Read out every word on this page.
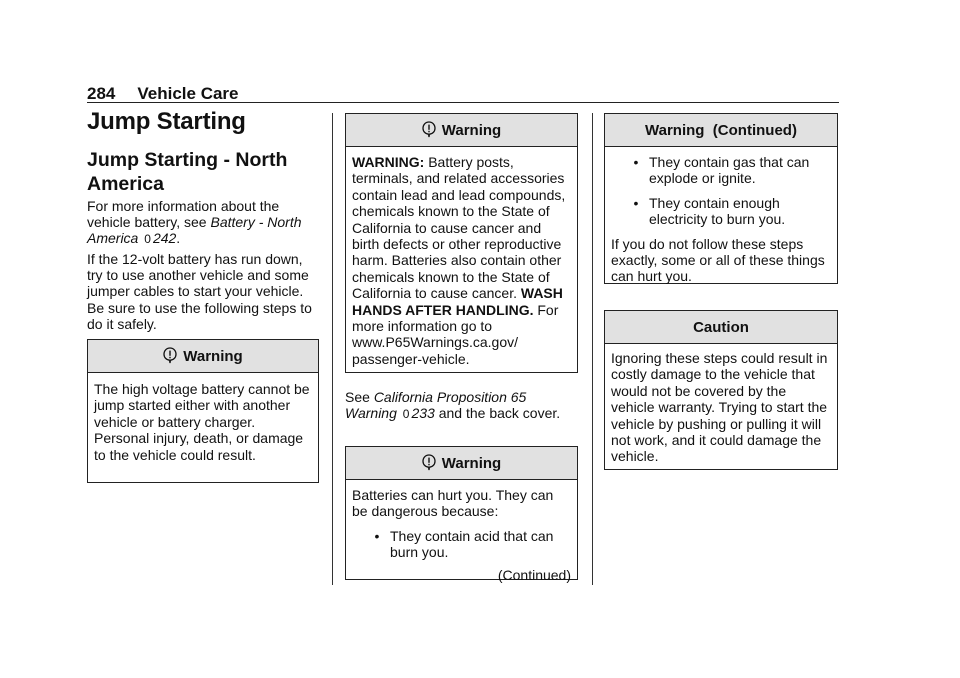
284 Vehicle Care
Jump Starting
Jump Starting - North America

For more information about the vehicle battery, see Battery - North America 0 242.

If the 12-volt battery has run down, try to use another vehicle and some jumper cables to start your vehicle. Be sure to use the following steps to do it safely.

Warning
The high voltage battery cannot be jump started either with another vehicle or battery charger. Personal injury, death, or damage to the vehicle could result.
Warning
WARNING: Battery posts, terminals, and related accessories contain lead and lead compounds, chemicals known to the State of California to cause cancer and birth defects or other reproductive harm. Batteries also contain other chemicals known to the State of California to cause cancer. WASH HANDS AFTER HANDLING. For more information go to www.P65Warnings.ca.gov/ passenger-vehicle.

See California Proposition 65 Warning 0 233 and the back cover.

Warning
Batteries can hurt you. They can be dangerous because:
• They contain acid that can burn you.
(Continued)
Warning  (Continued)
• They contain gas that can explode or ignite.
• They contain enough electricity to burn you.
If you do not follow these steps exactly, some or all of these things can hurt you.
Caution
Ignoring these steps could result in costly damage to the vehicle that would not be covered by the vehicle warranty. Trying to start the vehicle by pushing or pulling it will not work, and it could damage the vehicle.
